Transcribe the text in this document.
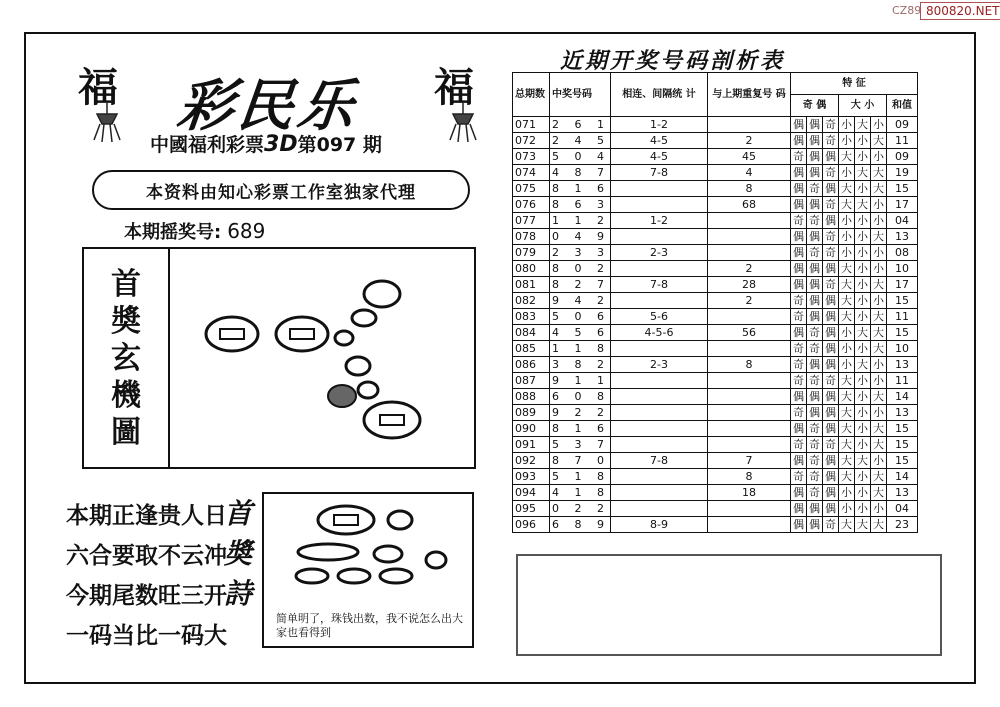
CZ89 800820.NET
福	福
彩民乐
中國福利彩票3D第097 期
本资料由知心彩票工作室独家代理
本期摇奖号: 689
首
奬
玄
機
圖
本期正逢贵人日
六合要取不云冲
今期尾数旺三开
一码当比一码大
首
奬
詩
简单明了，珠钱出数，我不说怎么出大家也看得到
近期开奖号码剖析表
总期数	中奖号码	相连、间隔统 计	与上期重复号 码	特 征						
				奇 偶			大 小			和值
071	2 6 1	1-2		偶	偶	奇	小	大	小	09
072	2 4 5	4-5	2	偶	偶	奇	小	小	大	11
073	5 0 4	4-5	45	奇	偶	偶	大	小	小	09
074	4 8 7	7-8	4	偶	偶	奇	小	大	大	19
075	8 1 6		8	偶	奇	偶	大	小	大	15
076	8 6 3		68	偶	偶	奇	大	大	小	17
077	1 1 2	1-2		奇	奇	偶	小	小	小	04
078	0 4 9			偶	偶	奇	小	小	大	13
079	2 3 3	2-3		偶	奇	奇	小	小	小	08
080	8 0 2		2	偶	偶	偶	大	小	小	10
081	8 2 7	7-8	28	偶	偶	奇	大	小	大	17
082	9 4 2		2	奇	偶	偶	大	小	小	15
083	5 0 6	5-6		奇	偶	偶	大	小	大	11
084	4 5 6	4-5-6	56	偶	奇	偶	小	大	大	15
085	1 1 8			奇	奇	偶	小	小	大	10
086	3 8 2	2-3	8	奇	偶	偶	小	大	小	13
087	9 1 1			奇	奇	奇	大	小	小	11
088	6 0 8			偶	偶	偶	大	小	大	14
089	9 2 2			奇	偶	偶	大	小	小	13
090	8 1 6			偶	奇	偶	大	小	大	15
091	5 3 7			奇	奇	奇	大	小	大	15
092	8 7 0	7-8	7	偶	奇	偶	大	大	小	15
093	5 1 8		8	奇	奇	偶	大	小	大	14
094	4 1 8		18	偶	奇	偶	小	小	大	13
095	0 2 2			偶	偶	偶	小	小	小	04
096	6 8 9	8-9		偶	偶	奇	大	大	大	23
